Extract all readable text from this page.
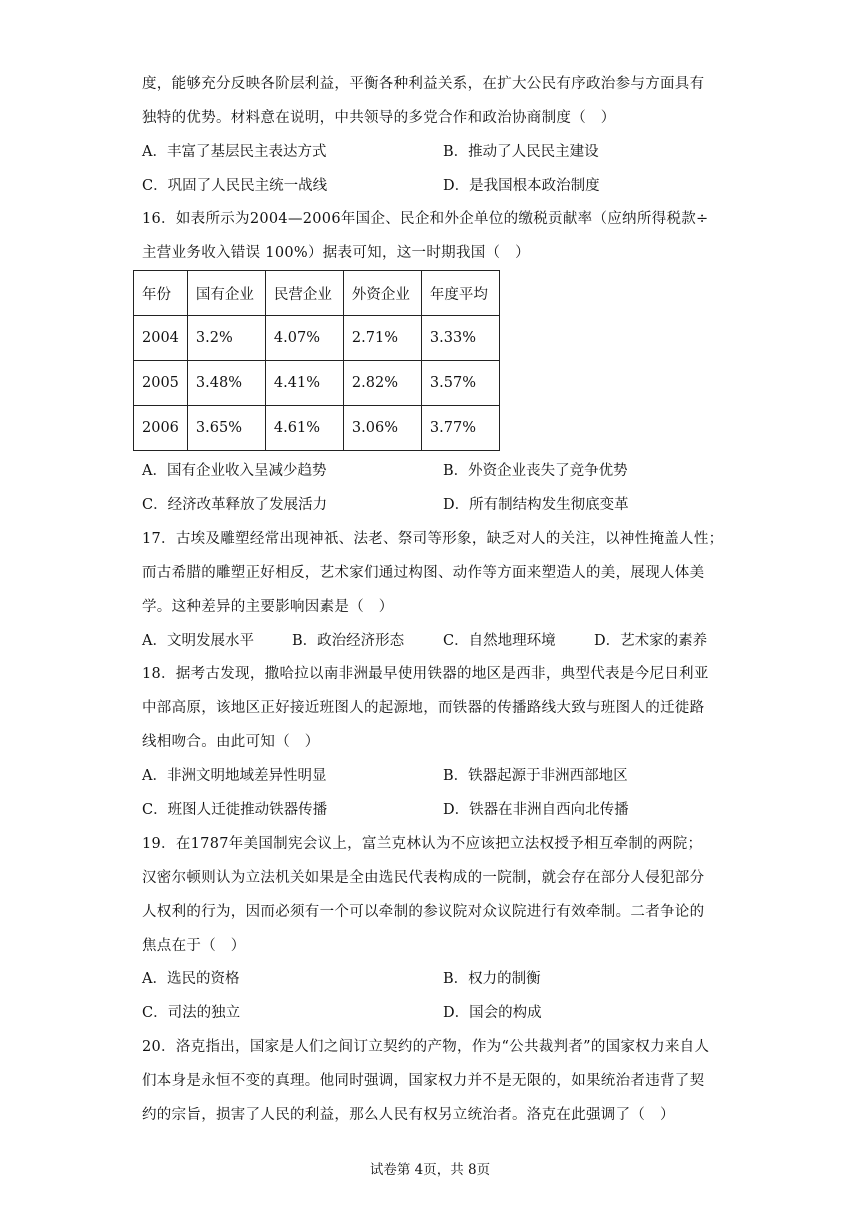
度，能够充分反映各阶层利益，平衡各种利益关系，在扩大公民有序政治参与方面具有
独特的优势。材料意在说明，中共领导的多党合作和政治协商制度（　）
A．丰富了基层民主表达方式	B．推动了人民民主建设
C．巩固了人民民主统一战线	D．是我国根本政治制度
16．如表所示为2004—2006年国企、民企和外企单位的缴税贡献率（应纳所得税款÷
主营业务收入错误 100%）据表可知，这一时期我国（　）
年份	国有企业	民营企业	外资企业	年度平均
2004	3.2%	4.07%	2.71%	3.33%
2005	3.48%	4.41%	2.82%	3.57%
2006	3.65%	4.61%	3.06%	3.77%
A．国有企业收入呈减少趋势	B．外资企业丧失了竞争优势
C．经济改革释放了发展活力	D．所有制结构发生彻底变革
17．古埃及雕塑经常出现神祇、法老、祭司等形象，缺乏对人的关注，以神性掩盖人性；
而古希腊的雕塑正好相反，艺术家们通过构图、动作等方面来塑造人的美，展现人体美
学。这种差异的主要影响因素是（　）
A．文明发展水平	B．政治经济形态	C．自然地理环境	D．艺术家的素养
18．据考古发现，撒哈拉以南非洲最早使用铁器的地区是西非，典型代表是今尼日利亚
中部高原，该地区正好接近班图人的起源地，而铁器的传播路线大致与班图人的迁徙路
线相吻合。由此可知（　）
A．非洲文明地域差异性明显	B．铁器起源于非洲西部地区
C．班图人迁徙推动铁器传播	D．铁器在非洲自西向北传播
19．在1787年美国制宪会议上，富兰克林认为不应该把立法权授予相互牵制的两院；
汉密尔顿则认为立法机关如果是全由选民代表构成的一院制，就会存在部分人侵犯部分
人权利的行为，因而必须有一个可以牵制的参议院对众议院进行有效牵制。二者争论的
焦点在于（　）
A．选民的资格	B．权力的制衡
C．司法的独立	D．国会的构成
20．洛克指出，国家是人们之间订立契约的产物，作为“公共裁判者”的国家权力来自人
们本身是永恒不变的真理。他同时强调，国家权力并不是无限的，如果统治者违背了契
约的宗旨，损害了人民的利益，那么人民有权另立统治者。洛克在此强调了（　）
试卷第 4页，共 8页
